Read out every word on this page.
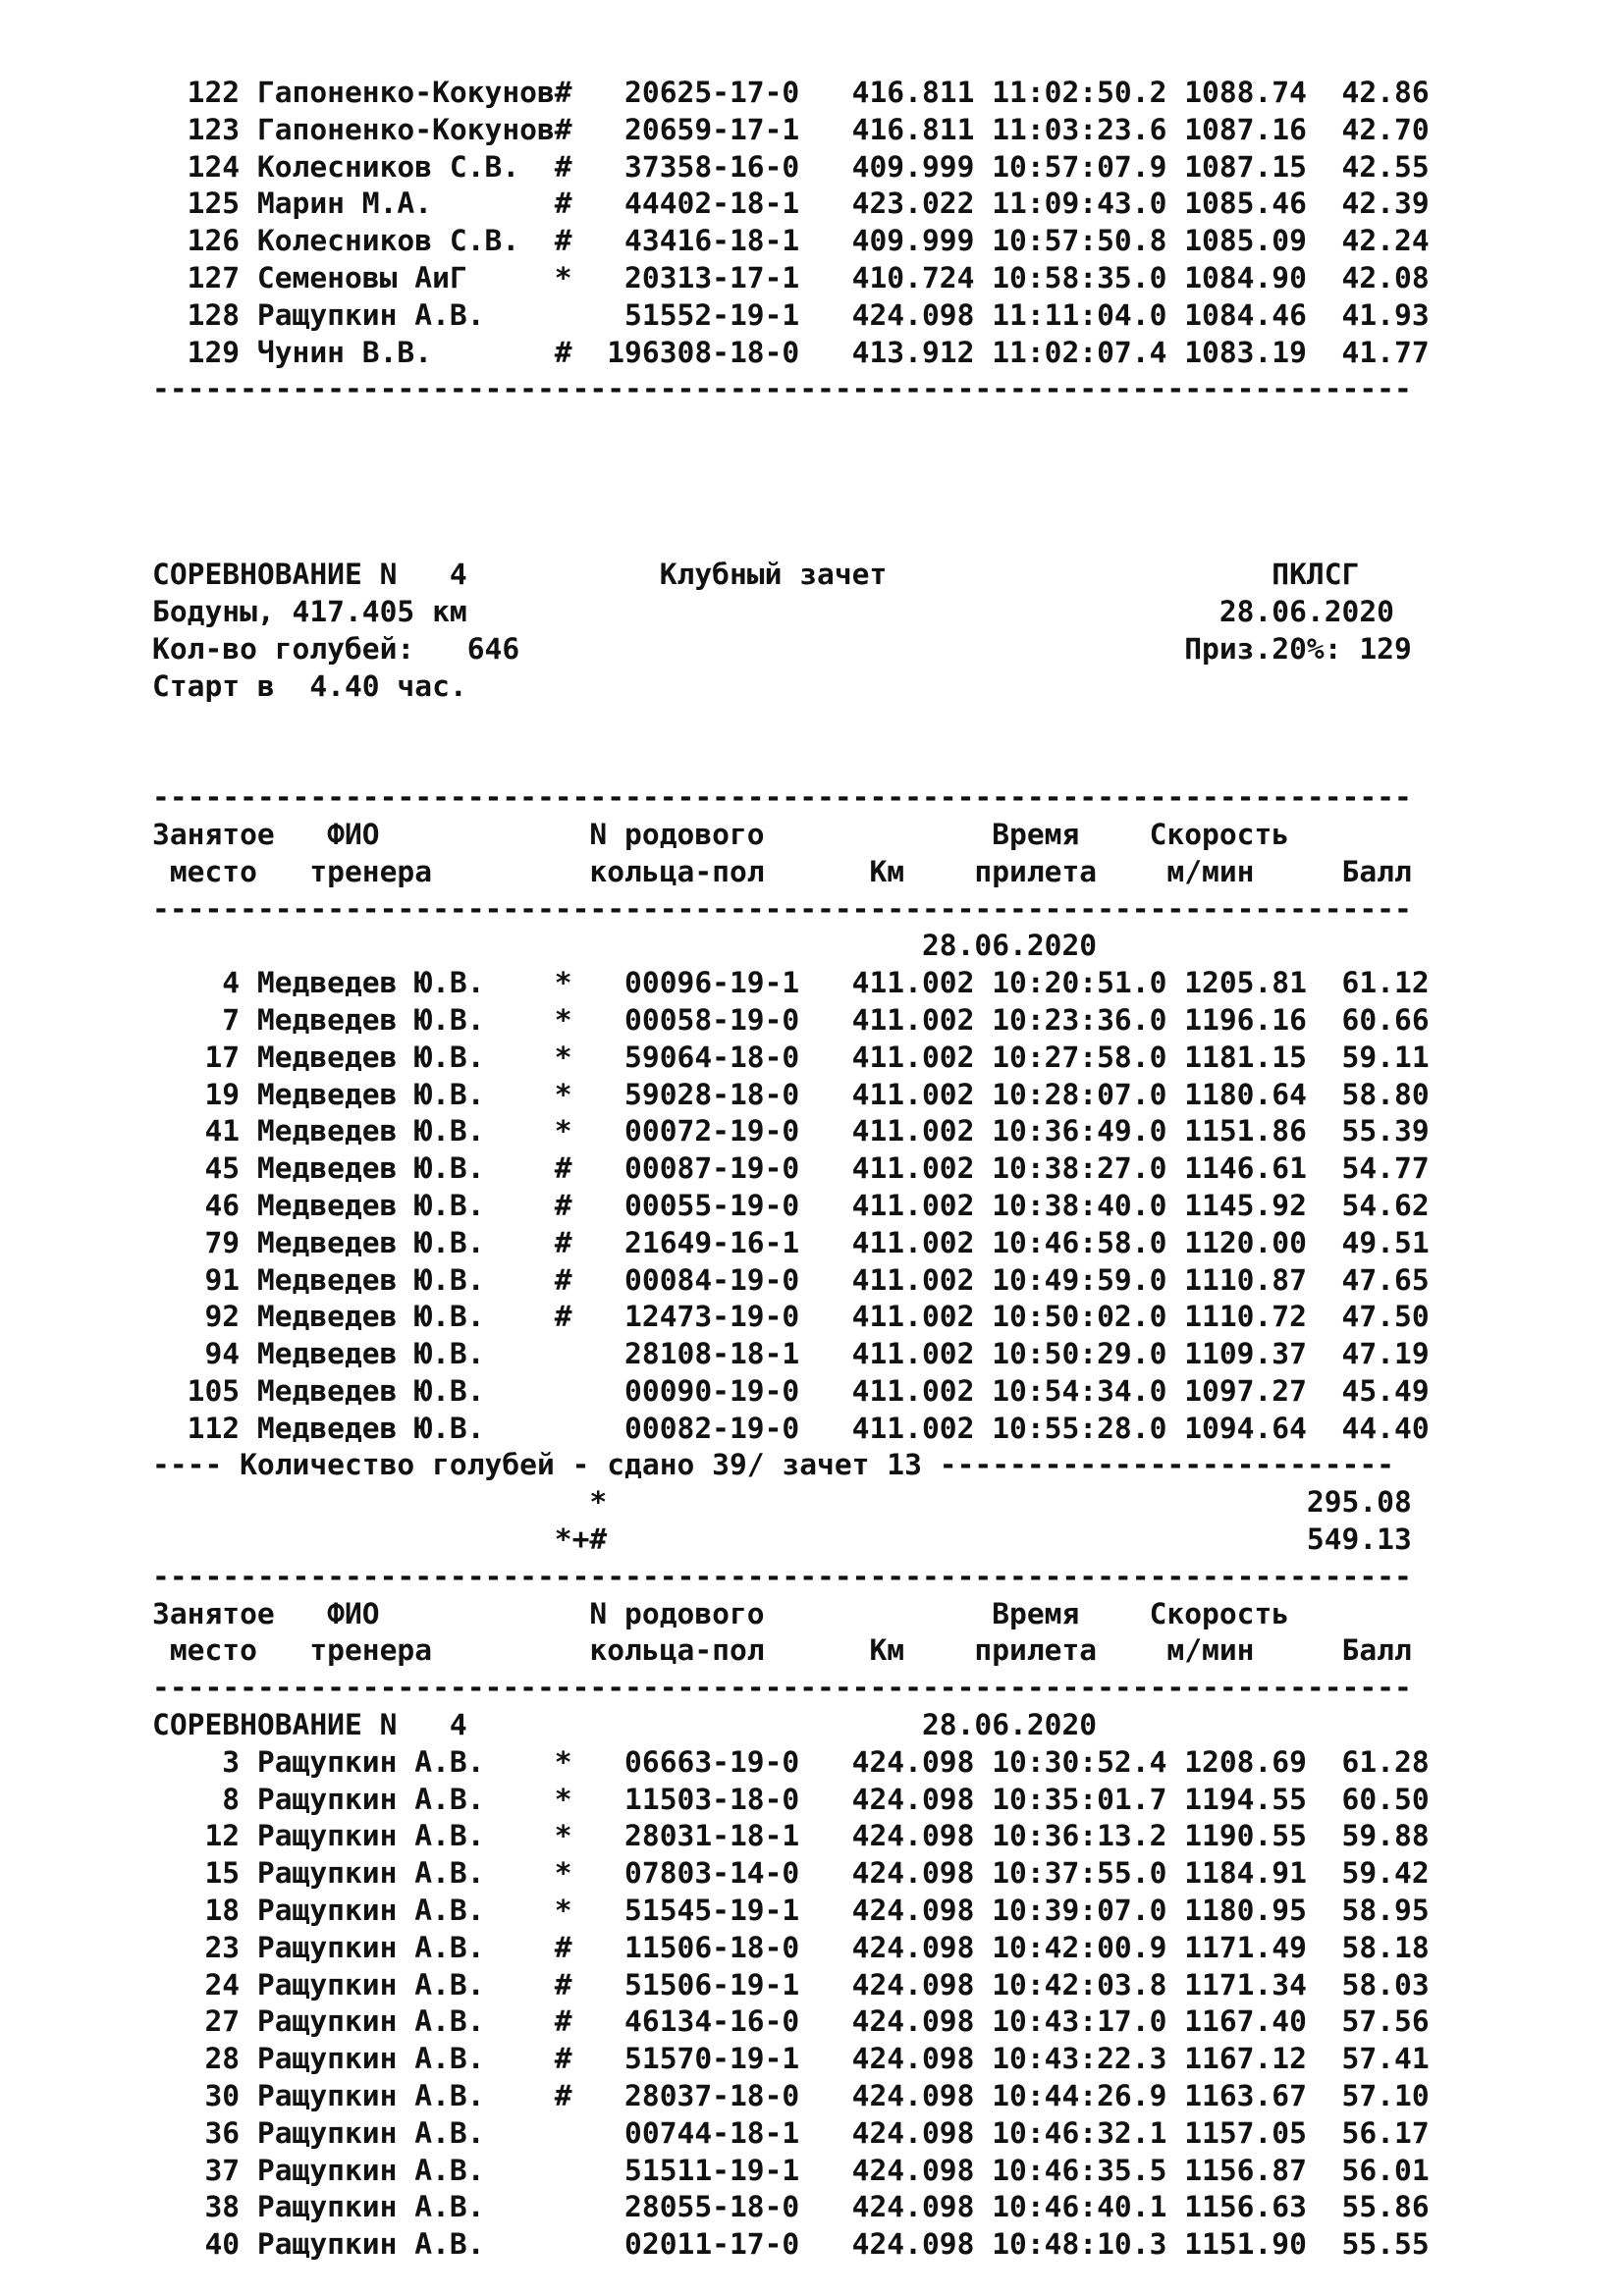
122 Гапоненко-Кокунов#   20625-17-0   416.811 11:02:50.2 1088.74  42.86
123 Гапоненко-Кокунов#   20659-17-1   416.811 11:03:23.6 1087.16  42.70
124 Колесников С.В.  #   37358-16-0   409.999 10:57:07.9 1087.15  42.55
125 Марин М.А.       #   44402-18-1   423.022 11:09:43.0 1085.46  42.39
126 Колесников С.В.  #   43416-18-1   409.999 10:57:50.8 1085.09  42.24
127 Семеновы АиГ     *   20313-17-1   410.724 10:58:35.0 1084.90  42.08
128 Ращупкин А.В.        51552-19-1   424.098 11:11:04.0 1084.46  41.93
129 Чунин В.В.       #  196308-18-0   413.912 11:02:07.4 1083.19  41.77
------------------------------------------------------------------------
СОРЕВНОВАНИЕ N   4           Клубный зачет                      ПКЛСГ
Бодуны, 417.405 км                                           28.06.2020
Кол-во голубей:   646                                      Приз.20%: 129
Старт в  4.40 час.
------------------------------------------------------------------------
Занятое   ФИО            N родового             Время    Скорость
место   тренера         кольца-пол      Км    прилета    м/мин     Балл
------------------------------------------------------------------------
28.06.2020
4 Медведев Ю.В.    *   00096-19-1   411.002 10:20:51.0 1205.81  61.12
7 Медведев Ю.В.    *   00058-19-0   411.002 10:23:36.0 1196.16  60.66
17 Медведев Ю.В.    *   59064-18-0   411.002 10:27:58.0 1181.15  59.11
19 Медведев Ю.В.    *   59028-18-0   411.002 10:28:07.0 1180.64  58.80
41 Медведев Ю.В.    *   00072-19-0   411.002 10:36:49.0 1151.86  55.39
45 Медведев Ю.В.    #   00087-19-0   411.002 10:38:27.0 1146.61  54.77
46 Медведев Ю.В.    #   00055-19-0   411.002 10:38:40.0 1145.92  54.62
79 Медведев Ю.В.    #   21649-16-1   411.002 10:46:58.0 1120.00  49.51
91 Медведев Ю.В.    #   00084-19-0   411.002 10:49:59.0 1110.87  47.65
92 Медведев Ю.В.    #   12473-19-0   411.002 10:50:02.0 1110.72  47.50
94 Медведев Ю.В.        28108-18-1   411.002 10:50:29.0 1109.37  47.19
105 Медведев Ю.В.        00090-19-0   411.002 10:54:34.0 1097.27  45.49
112 Медведев Ю.В.        00082-19-0   411.002 10:55:28.0 1094.64  44.40
---- Количество голубей - сдано 39/ зачет 13 --------------------------
*                                        295.08
*+#                                        549.13
------------------------------------------------------------------------
Занятое   ФИО            N родового             Время    Скорость
место   тренера         кольца-пол      Км    прилета    м/мин     Балл
------------------------------------------------------------------------
СОРЕВНОВАНИЕ N   4                          28.06.2020
3 Ращупкин А.В.    *   06663-19-0   424.098 10:30:52.4 1208.69  61.28
8 Ращупкин А.В.    *   11503-18-0   424.098 10:35:01.7 1194.55  60.50
12 Ращупкин А.В.    *   28031-18-1   424.098 10:36:13.2 1190.55  59.88
15 Ращупкин А.В.    *   07803-14-0   424.098 10:37:55.0 1184.91  59.42
18 Ращупкин А.В.    *   51545-19-1   424.098 10:39:07.0 1180.95  58.95
23 Ращупкин А.В.    #   11506-18-0   424.098 10:42:00.9 1171.49  58.18
24 Ращупкин А.В.    #   51506-19-1   424.098 10:42:03.8 1171.34  58.03
27 Ращупкин А.В.    #   46134-16-0   424.098 10:43:17.0 1167.40  57.56
28 Ращупкин А.В.    #   51570-19-1   424.098 10:43:22.3 1167.12  57.41
30 Ращупкин А.В.    #   28037-18-0   424.098 10:44:26.9 1163.67  57.10
36 Ращупкин А.В.        00744-18-1   424.098 10:46:32.1 1157.05  56.17
37 Ращупкин А.В.        51511-19-1   424.098 10:46:35.5 1156.87  56.01
38 Ращупкин А.В.        28055-18-0   424.098 10:46:40.1 1156.63  55.86
40 Ращупкин А.В.        02011-17-0   424.098 10:48:10.3 1151.90  55.55
